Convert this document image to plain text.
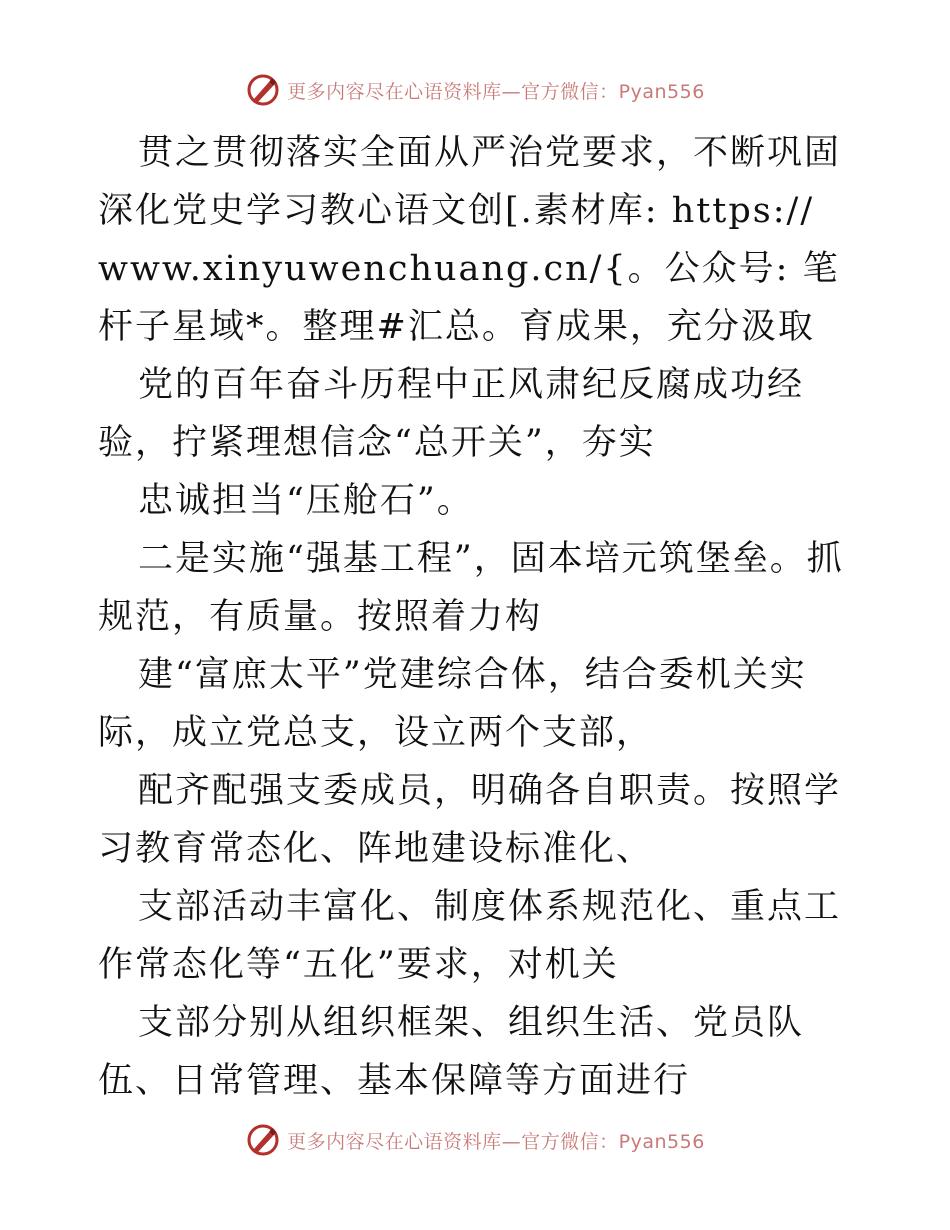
更多内容尽在心语资料库—官方微信：Pyan556

贯之贯彻落实全面从严治党要求，不断巩固深化党史学习教心语文创[.素材库: https:// www.xinyuwenchuang.cn/{。公众号: 笔杆子星域*。整理#汇总。育成果，充分汲取

党的百年奋斗历程中正风肃纪反腐成功经验，拧紧理想信念“总开关”，夯实

忠诚担当“压舱石”。

二是实施“强基工程”，固本培元筑堡垒。抓规范，有质量。按照着力构

建“富庶太平”党建综合体，结合委机关实际，成立党总支，设立两个支部，

配齐配强支委成员，明确各自职责。按照学习教育常态化、阵地建设标准化、

支部活动丰富化、制度体系规范化、重点工作常态化等“五化”要求，对机关

支部分别从组织框架、组织生活、党员队伍、日常管理、基本保障等方面进行

更多内容尽在心语资料库—官方微信：Pyan556
